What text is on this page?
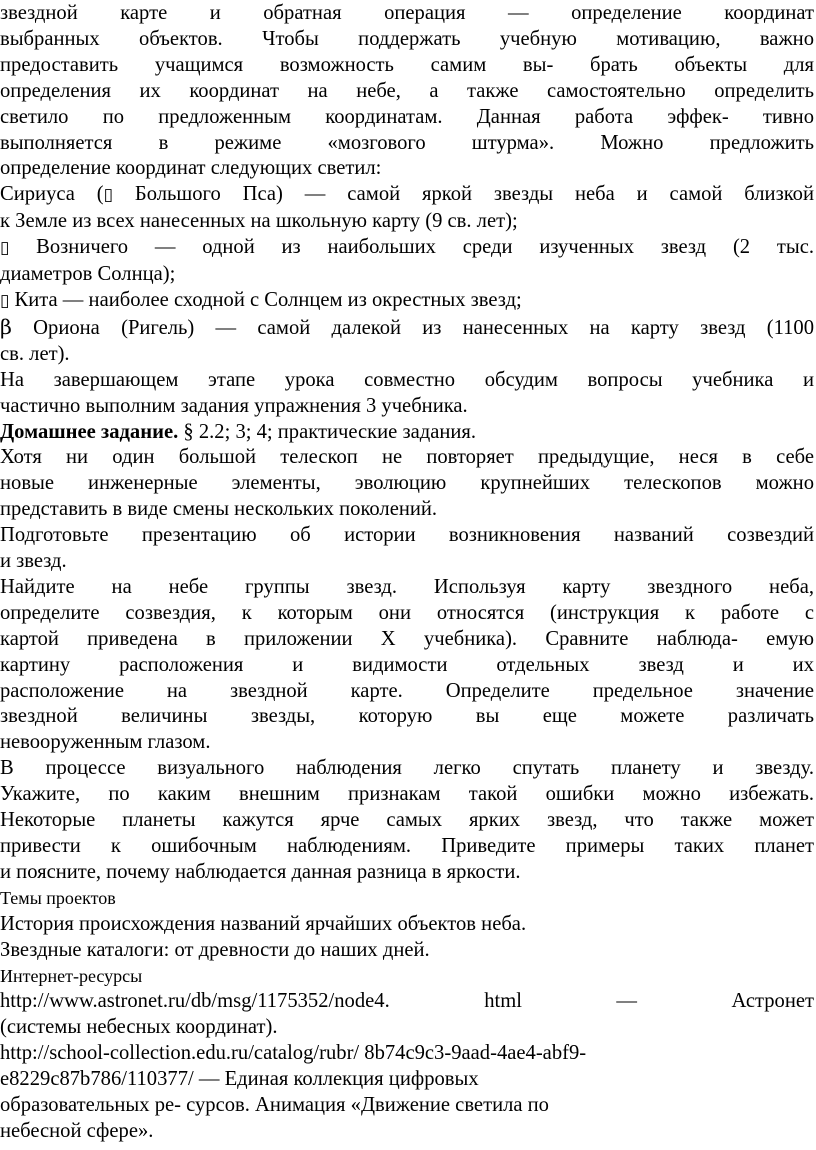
звездной карте и обратная операция — определение координат

выбранных объектов. Чтобы поддержать учебную мотивацию, важно

предоставить учащимся возможность самим вы- брать объекты для

определения их координат на небе, а также самостоятельно определить

светило по предложенным координатам. Данная работа эффек- тивно

выполняется в режиме «мозгового штурма». Можно предложить

определение координат следующих светил:

Сириуса (▯ Большого Пса) — самой яркой звезды неба и самой близкой

к Земле из всех нанесенных на школьную карту (9 св. лет);

▯ Возничего — одной из наибольших среди изученных звезд (2 тыс.

диаметров Солнца);

▯ Кита — наиболее сходной с Солнцем из окрестных звезд;

β Ориона (Ригель) — самой далекой из нанесенных на карту звезд (1100

св. лет).

На завершающем этапе урока совместно обсудим вопросы учебника и

частично выполним задания упражнения 3 учебника.

Домашнее задание. § 2.2; 3; 4; практические задания.

Хотя ни один большой телескоп не повторяет предыдущие, неся в себе

новые инженерные элементы, эволюцию крупнейших телескопов можно

представить в виде смены нескольких поколений.

Подготовьте презентацию об истории возникновения названий созвездий

и звезд.

Найдите на небе группы звезд. Используя карту звездного неба,

определите созвездия, к которым они относятся (инструкция к работе с

картой приведена в приложении X учебника). Сравните наблюда- емую

картину расположения и видимости отдельных звезд и их

расположение на звездной карте. Определите предельное значение

звездной величины звезды, которую вы еще можете различать

невооруженным глазом.

В процессе визуального наблюдения легко спутать планету и звезду.

Укажите, по каким внешним признакам такой ошибки можно избежать.

Некоторые планеты кажутся ярче самых ярких звезд, что также может

привести к ошибочным наблюдениям. Приведите примеры таких планет

и поясните, почему наблюдается данная разница в яркости.

Темы проектов

История происхождения названий ярчайших объектов неба.

Звездные каталоги: от древности до наших дней.

Интернет-ресурсы

http://www.astronet.ru/db/msg/1175352/node4. html — Астронет

(системы небесных координат).

http://school-collection.edu.ru/catalog/rubr/ 8b74c9c3-9aad-4ae4-abf9-

e8229c87b786/110377/ — Единая коллекция цифровых

образовательных ре- сурсов. Анимация «Движение светила по

небесной сфере».
